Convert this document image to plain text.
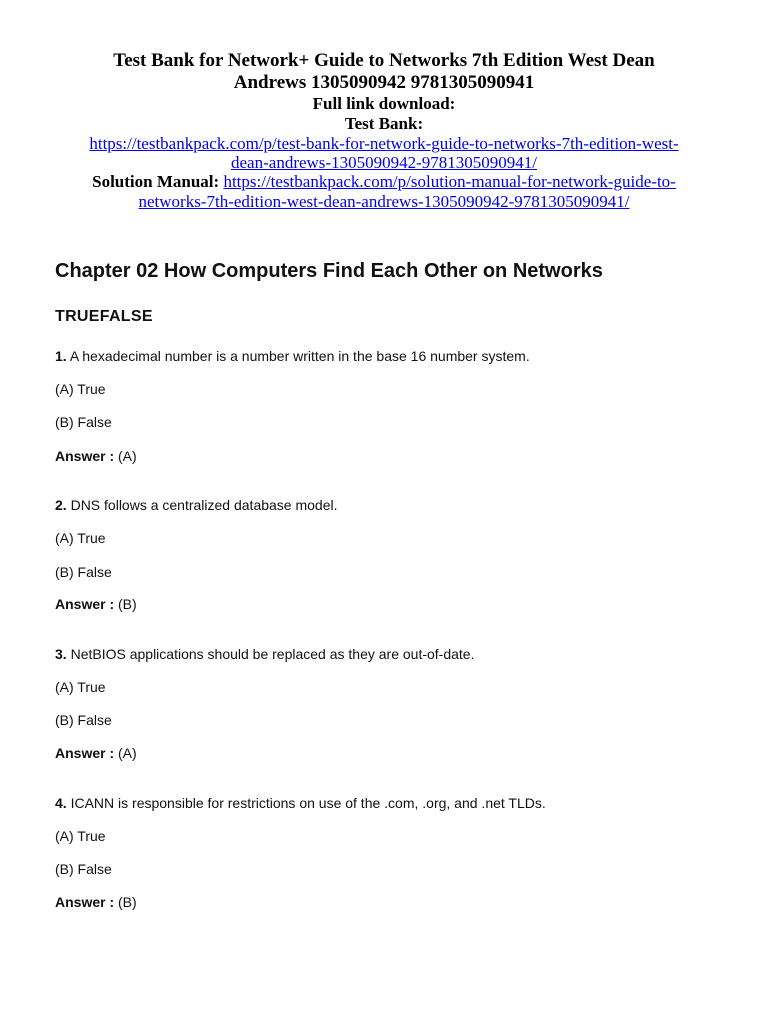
Test Bank for Network+ Guide to Networks 7th Edition West Dean
Andrews 1305090942 9781305090941
Full link download:
Test Bank:
https://testbankpack.com/p/test-bank-for-network-guide-to-networks-7th-edition-west-
dean-andrews-1305090942-9781305090941/
Solution Manual: https://testbankpack.com/p/solution-manual-for-network-guide-to-
networks-7th-edition-west-dean-andrews-1305090942-9781305090941/
Chapter 02 How Computers Find Each Other on Networks
TRUEFALSE
1. A hexadecimal number is a number written in the base 16 number system.
(A) True
(B) False
Answer : (A)
2. DNS follows a centralized database model.
(A) True
(B) False
Answer : (B)
3. NetBIOS applications should be replaced as they are out-of-date.
(A) True
(B) False
Answer : (A)
4. ICANN is responsible for restrictions on use of the .com, .org, and .net TLDs.
(A) True
(B) False
Answer : (B)
